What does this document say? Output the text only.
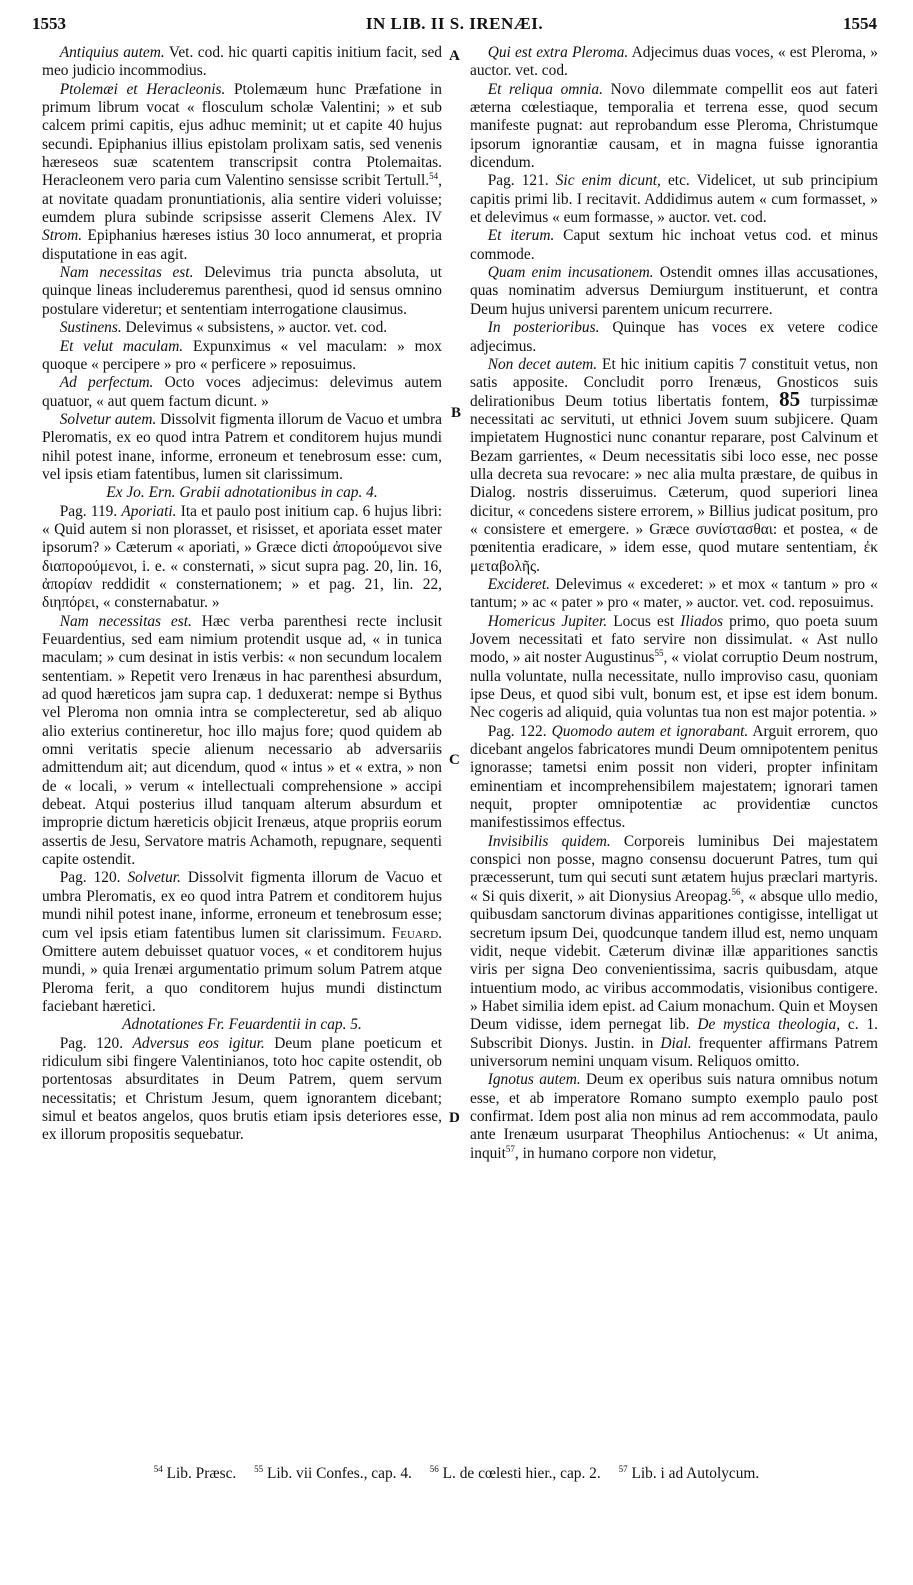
1553	IN LIB. II S. IRENÆI.	1554
A
B
C
D

Antiquius autem. Vet. cod. hic quarti capitis initium facit, sed meo judicio incommodius.

Ptolemæi et Heracleonis. Ptolemæum hunc Præfatione in primum librum vocat « flosculum scholæ Valentini; » et sub calcem primi capitis, ejus adhuc meminit; ut et capite 40 hujus secundi. Epiphanius illius epistolam prolixam satis, sed venenis hæreseos suæ scatentem transcripsit contra Ptolemaitas. Heracleonem vero paria cum Valentino sensisse scribit Tertull.$^{54}$, at novitate quadam pronuntiationis, alia sentire videri voluisse; eumdem plura subinde scripsisse asserit Clemens Alex. IV Strom. Epiphanius hæreses istius 30 loco annumerat, et propria disputatione in eas agit.

Nam necessitas est. Delevimus tria puncta absoluta, ut quinque lineas includeremus parenthesi, quod id sensus omnino postulare videretur; et sententiam interrogatione clausimus.

Sustinens. Delevimus « subsistens, » auctor. vet. cod.

Et velut maculam. Expunximus « vel maculam: » mox quoque « percipere » pro « perficere » reposuimus.

Ad perfectum. Octo voces adjecimus: delevimus autem quatuor, « aut quem factum dicunt. »

Solvetur autem. Dissolvit figmenta illorum de Vacuo et umbra Pleromatis, ex eo quod intra Patrem et conditorem hujus mundi nihil potest inane, informe, erroneum et tenebrosum esse: cum, vel ipsis etiam fatentibus, lumen sit clarissimum.

Ex Jo. Ern. Grabii adnotationibus in cap. 4.

Pag. 119. Aporiati. Ita et paulo post initium cap. 6 hujus libri: « Quid autem si non plorasset, et risisset, et aporiata esset mater ipsorum? » Cæterum « aporiati, » Græce dicti ἀπορούμενοι sive διαπορούμενοι, i. e. « consternati, » sicut supra pag. 20, lin. 16, ἀπορίαν reddidit « consternationem; » et pag. 21, lin. 22, διηπόρει, « consternabatur. »

Nam necessitas est. Hæc verba parenthesi recte inclusit Feuardentius, sed eam nimium protendit usque ad, « in tunica maculam; » cum desinat in istis verbis: « non secundum localem sententiam. » Repetit vero Irenæus in hac parenthesi absurdum, ad quod hæreticos jam supra cap. 1 deduxerat: nempe si Bythus vel Pleroma non omnia intra se complecteretur, sed ab aliquo alio exterius contineretur, hoc illo majus fore; quod quidem ab omni veritatis specie alienum necessario ab adversariis admittendum ait; aut dicendum, quod « intus » et « extra, » non de « locali, » verum « intellectuali comprehensione » accipi debeat. Atqui posterius illud tanquam alterum absurdum et improprie dictum hæreticis objicit Irenæus, atque propriis eorum assertis de Jesu, Servatore matris Achamoth, repugnare, sequenti capite ostendit.

Pag. 120. Solvetur. Dissolvit figmenta illorum de Vacuo et umbra Pleromatis, ex eo quod intra Patrem et conditorem hujus mundi nihil potest inane, informe, erroneum et tenebrosum esse; cum vel ipsis etiam fatentibus lumen sit clarissimum. Feuard. Omittere autem debuisset quatuor voces, « et conditorem hujus mundi, » quia Irenæi argumentatio primum solum Patrem atque Pleroma ferit, a quo conditorem hujus mundi distinctum faciebant hæretici.

Adnotationes Fr. Feuardentii in cap. 5.

Pag. 120. Adversus eos igitur. Deum plane poeticum et ridiculum sibi fingere Valentinianos, toto hoc capite ostendit, ob portentosas absurditates in Deum Patrem, quem servum necessitatis; et Christum Jesum, quem ignorantem dicebant; simul et beatos angelos, quos brutis etiam ipsis deteriores esse, ex illorum propositis sequebatur.

Qui est extra Pleroma. Adjecimus duas voces, « est Pleroma, » auctor. vet. cod.

Et reliqua omnia. Novo dilemmate compellit eos aut fateri æterna cœlestiaque, temporalia et terrena esse, quod secum manifeste pugnat: aut reprobandum esse Pleroma, Christumque ipsorum ignorantiæ causam, et in magna fuisse ignorantia dicendum.

Pag. 121. Sic enim dicunt, etc. Videlicet, ut sub principium capitis primi lib. I recitavit. Addidimus autem « cum formasset, » et delevimus « eum formasse, » auctor. vet. cod.

Et iterum. Caput sextum hic inchoat vetus cod. et minus commode.

Quam enim incusationem. Ostendit omnes illas accusationes, quas nominatim adversus Demiurgum instituerunt, et contra Deum hujus universi parentem unicum recurrere.

In posterioribus. Quinque has voces ex vetere codice adjecimus.

Non decet autem. Et hic initium capitis 7 constituit vetus, non satis apposite. Concludit porro Irenæus, Gnosticos suis delirationibus Deum totius libertatis fontem, 85 turpissimæ necessitati ac servituti, ut ethnici Jovem suum subjicere. Quam impietatem Hugnostici nunc conantur reparare, post Calvinum et Bezam garrientes, « Deum necessitatis sibi loco esse, nec posse ulla decreta sua revocare: » nec alia multa præstare, de quibus in Dialog. nostris disseruimus. Cæterum, quod superiori linea dicitur, « concedens sistere errorem, » Billius judicat positum, pro « consistere et emergere. » Græce συνίστασθαι: et postea, « de pœnitentia eradicare, » idem esse, quod mutare sententiam, ἐκ μεταβολῆς.

Excideret. Delevimus « excederet: » et mox « tantum » pro « tantum; » ac « pater » pro « mater, » auctor. vet. cod. reposuimus.

Homericus Jupiter. Locus est Iliados primo, quo poeta suum Jovem necessitati et fato servire non dissimulat. « Ast nullo modo, » ait noster Augustinus$^{55}$, « violat corruptio Deum nostrum, nulla voluntate, nulla necessitate, nullo improviso casu, quoniam ipse Deus, et quod sibi vult, bonum est, et ipse est idem bonum. Nec cogeris ad aliquid, quia voluntas tua non est major potentia. »

Pag. 122. Quomodo autem et ignorabant. Arguit errorem, quo dicebant angelos fabricatores mundi Deum omnipotentem penitus ignorasse; tametsi enim possit non videri, propter infinitam eminentiam et incomprehensibilem majestatem; ignorari tamen nequit, propter omnipotentiæ ac providentiæ cunctos manifestissimos effectus.

Invisibilis quidem. Corporeis luminibus Dei majestatem conspici non posse, magno consensu docuerunt Patres, tum qui præcesserunt, tum qui secuti sunt ætatem hujus præclari martyris. « Si quis dixerit, » ait Dionysius Areopag.$^{56}$, « absque ullo medio, quibusdam sanctorum divinas apparitiones contigisse, intelligat ut secretum ipsum Dei, quodcunque tandem illud est, nemo unquam vidit, neque videbit. Cæterum divinæ illæ apparitiones sanctis viris per signa Deo convenientissima, sacris quibusdam, atque intuentium modo, ac viribus accommodatis, visionibus contigere. » Habet similia idem epist. ad Caium monachum. Quin et Moysen Deum vidisse, idem pernegat lib. De mystica theologia, c. 1. Subscribit Dionys. Justin. in Dial. frequenter affirmans Patrem universorum nemini unquam visum. Reliquos omitto.

Ignotus autem. Deum ex operibus suis natura omnibus notum esse, et ab imperatore Romano sumpto exemplo paulo post confirmat. Idem post alia non minus ad rem accommodata, paulo ante Irenæum usurparat Theophilus Antiochenus: « Ut anima, inquit$^{57}$, in humano corpore non videtur,

$^{54}$ Lib. Præsc. $^{55}$ Lib. vii Confes., cap. 4. $^{56}$ L. de cœlesti hier., cap. 2. $^{57}$ Lib. i ad Autolycum.
